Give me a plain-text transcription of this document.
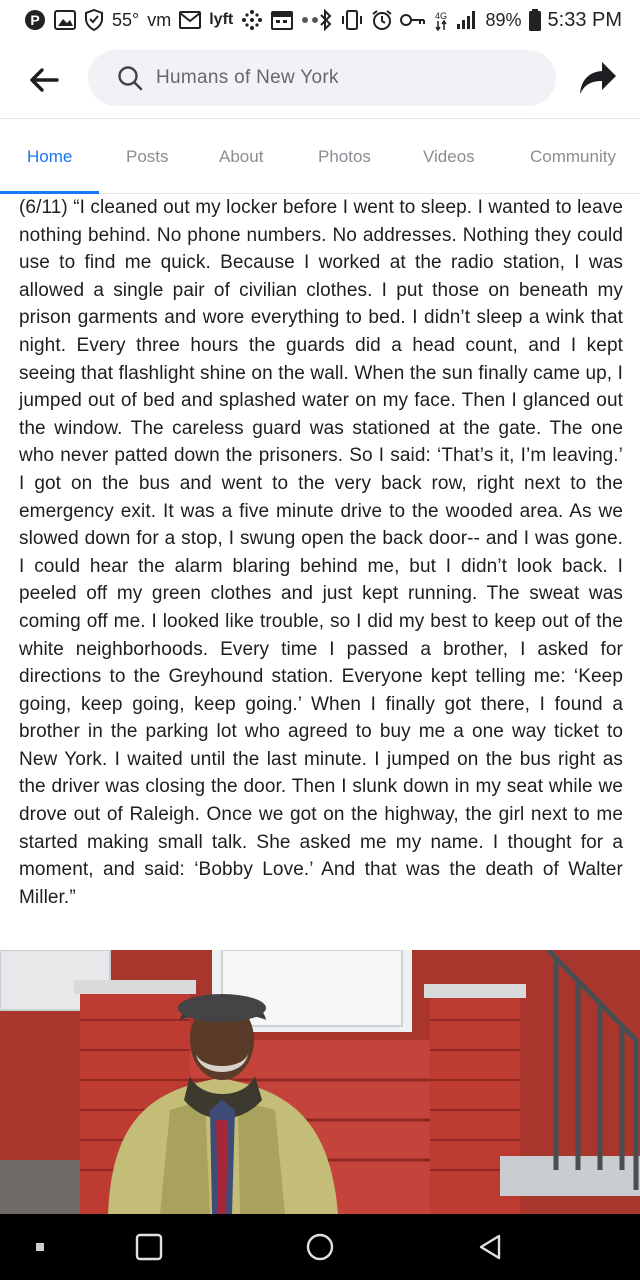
P	55° vm lyft	4G 89% 5:33 PM
Humans of New York
Home	Posts	About	Photos	Videos	Community
(6/11) “I cleaned out my locker before I went to sleep. I wanted to leave nothing behind. No phone numbers. No addresses. Nothing they could use to find me quick. Because I worked at the radio station, I was allowed a single pair of civilian clothes. I put those on beneath my prison garments and wore everything to bed. I didn’t sleep a wink that night. Every three hours the guards did a head count, and I kept seeing that flashlight shine on the wall. When the sun finally came up, I jumped out of bed and splashed water on my face. Then I glanced out the window. The careless guard was stationed at the gate. The one who never patted down the prisoners. So I said: ‘That’s it, I’m leaving.’ I got on the bus and went to the very back row, right next to the emergency exit. It was a five minute drive to the wooded area. As we slowed down for a stop, I swung open the back door-- and I was gone. I could hear the alarm blaring behind me, but I didn’t look back. I peeled off my green clothes and just kept running. The sweat was coming off me. I looked like trouble, so I did my best to keep out of the white neighborhoods. Every time I passed a brother, I asked for directions to the Greyhound station. Everyone kept telling me: ‘Keep going, keep going, keep going.’ When I finally got there, I found a brother in the parking lot who agreed to buy me a one way ticket to New York. I waited until the last minute. I jumped on the bus right as the driver was closing the door. Then I slunk down in my seat while we drove out of Raleigh. Once we got on the highway, the girl next to me started making small talk. She asked me my name. I thought for a moment, and said: ‘Bobby Love.’ And that was the death of Walter Miller.”
